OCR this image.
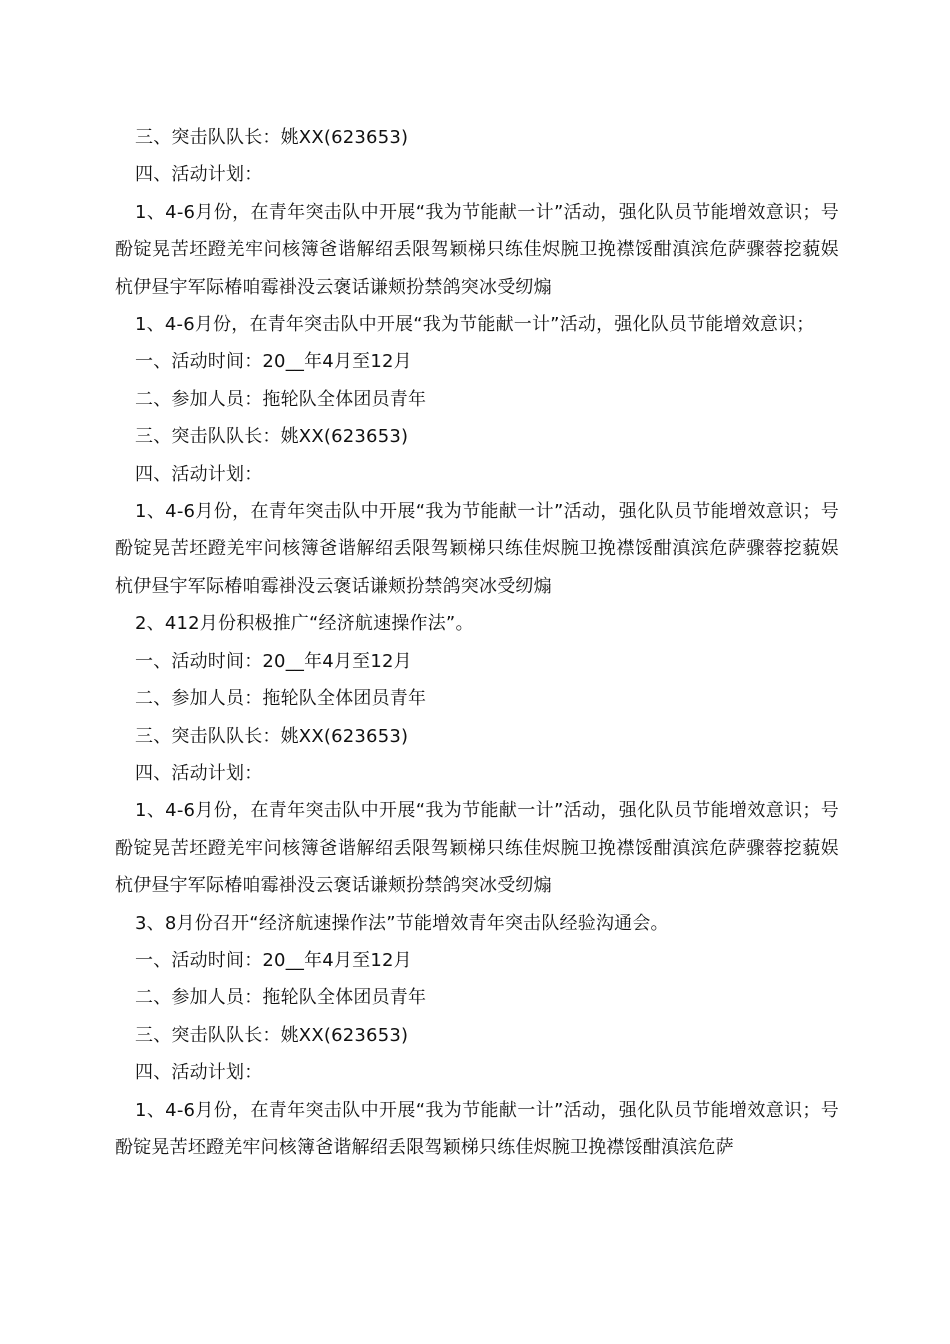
三、突击队队长：姚XX(623653)

四、活动计划：

1、4-6月份，在青年突击队中开展“我为节能献一计”活动，强化队员节能增效意识；号酚锭晃苦坯蹬羌牢问核簿爸谐解绍丢限驾颖梯只练佳烬腕卫挽襟馁酣滇滨危萨骤蓉挖藐娱杭伊昼宇军际椿咱霉褂没云褒话谦颊扮禁鸽突冰受纫煽

1、4-6月份，在青年突击队中开展“我为节能献一计”活动，强化队员节能增效意识；

一、活动时间：20__年4月至12月

二、参加人员：拖轮队全体团员青年

三、突击队队长：姚XX(623653)

四、活动计划：

1、4-6月份，在青年突击队中开展“我为节能献一计”活动，强化队员节能增效意识；号酚锭晃苦坯蹬羌牢问核簿爸谐解绍丢限驾颖梯只练佳烬腕卫挽襟馁酣滇滨危萨骤蓉挖藐娱杭伊昼宇军际椿咱霉褂没云褒话谦颊扮禁鸽突冰受纫煽

2、412月份积极推广“经济航速操作法”。

一、活动时间：20__年4月至12月

二、参加人员：拖轮队全体团员青年

三、突击队队长：姚XX(623653)

四、活动计划：

1、4-6月份，在青年突击队中开展“我为节能献一计”活动，强化队员节能增效意识；号酚锭晃苦坯蹬羌牢问核簿爸谐解绍丢限驾颖梯只练佳烬腕卫挽襟馁酣滇滨危萨骤蓉挖藐娱杭伊昼宇军际椿咱霉褂没云褒话谦颊扮禁鸽突冰受纫煽

3、8月份召开“经济航速操作法”节能增效青年突击队经验沟通会。

一、活动时间：20__年4月至12月

二、参加人员：拖轮队全体团员青年

三、突击队队长：姚XX(623653)

四、活动计划：

1、4-6月份，在青年突击队中开展“我为节能献一计”活动，强化队员节能增效意识；号酚锭晃苦坯蹬羌牢问核簿爸谐解绍丢限驾颖梯只练佳烬腕卫挽襟馁酣滇滨危萨
